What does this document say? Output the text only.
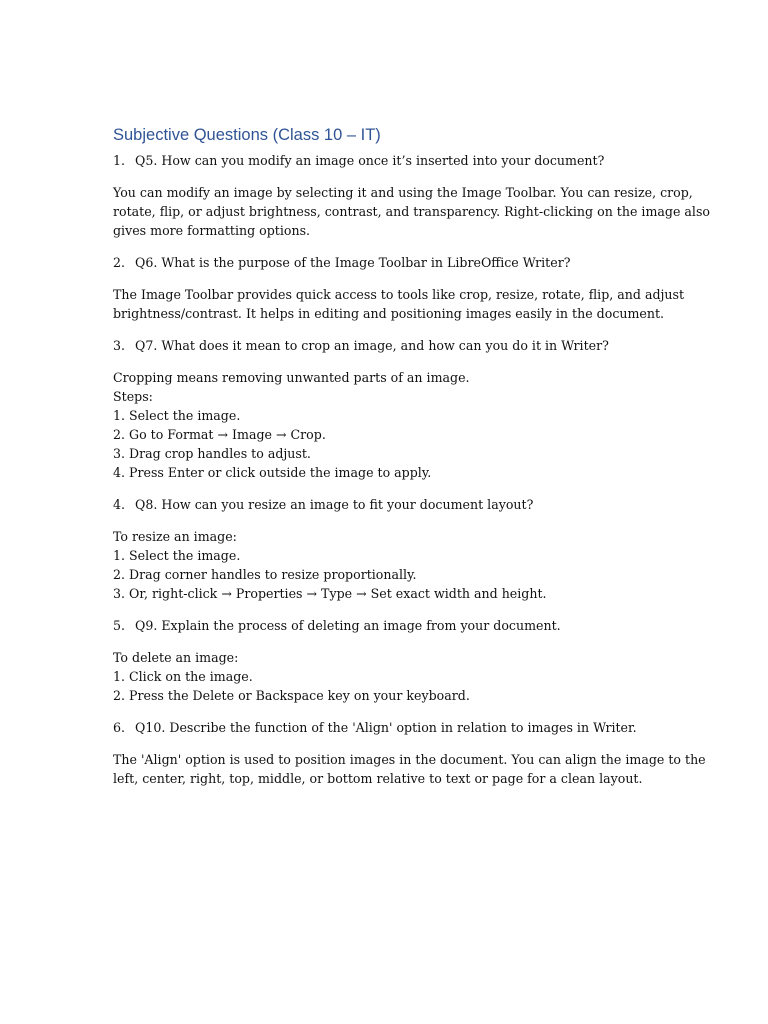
Subjective Questions (Class 10 – IT)
1. Q5. How can you modify an image once it’s inserted into your document?
You can modify an image by selecting it and using the Image Toolbar. You can resize, crop,
rotate, flip, or adjust brightness, contrast, and transparency. Right-clicking on the image also
gives more formatting options.
2. Q6. What is the purpose of the Image Toolbar in LibreOffice Writer?
The Image Toolbar provides quick access to tools like crop, resize, rotate, flip, and adjust
brightness/contrast. It helps in editing and positioning images easily in the document.
3. Q7. What does it mean to crop an image, and how can you do it in Writer?
Cropping means removing unwanted parts of an image.
Steps:
1. Select the image.
2. Go to Format → Image → Crop.
3. Drag crop handles to adjust.
4. Press Enter or click outside the image to apply.
4. Q8. How can you resize an image to fit your document layout?
To resize an image:
1. Select the image.
2. Drag corner handles to resize proportionally.
3. Or, right-click → Properties → Type → Set exact width and height.
5. Q9. Explain the process of deleting an image from your document.
To delete an image:
1. Click on the image.
2. Press the Delete or Backspace key on your keyboard.
6. Q10. Describe the function of the 'Align' option in relation to images in Writer.
The 'Align' option is used to position images in the document. You can align the image to the
left, center, right, top, middle, or bottom relative to text or page for a clean layout.
